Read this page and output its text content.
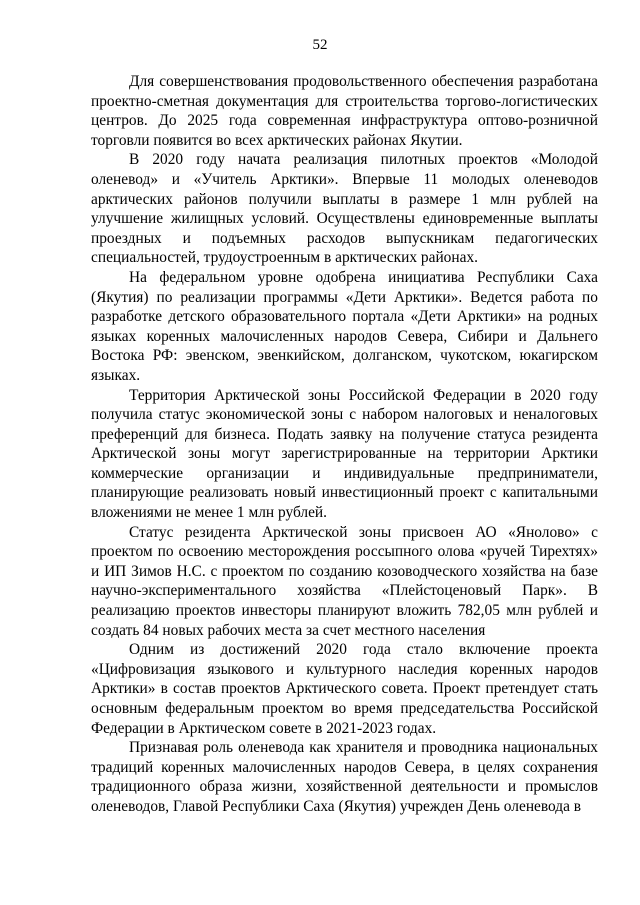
52

Для совершенствования продовольственного обеспечения разработана проектно-сметная документация для строительства торгово-логистических центров. До 2025 года современная инфраструктура оптово-розничной торговли появится во всех арктических районах Якутии.

В 2020 году начата реализация пилотных проектов «Молодой оленевод» и «Учитель Арктики». Впервые 11 молодых оленеводов арктических районов получили выплаты в размере 1 млн рублей на улучшение жилищных условий. Осуществлены единовременные выплаты проездных и подъемных расходов выпускникам педагогических специальностей, трудоустроенным в арктических районах.

На федеральном уровне одобрена инициатива Республики Саха (Якутия) по реализации программы «Дети Арктики». Ведется работа по разработке детского образовательного портала «Дети Арктики» на родных языках коренных малочисленных народов Севера, Сибири и Дальнего Востока РФ: эвенском, эвенкийском, долганском, чукотском, юкагирском языках.

Территория Арктической зоны Российской Федерации в 2020 году получила статус экономической зоны с набором налоговых и неналоговых преференций для бизнеса. Подать заявку на получение статуса резидента Арктической зоны могут зарегистрированные на территории Арктики коммерческие организации и индивидуальные предприниматели, планирующие реализовать новый инвестиционный проект с капитальными вложениями не менее 1 млн рублей.

Статус резидента Арктической зоны присвоен АО «Янолово» с проектом по освоению месторождения россыпного олова «ручей Тирехтях» и ИП Зимов Н.С. с проектом по созданию козоводческого хозяйства на базе научно-экспериментального хозяйства «Плейстоценовый Парк». В реализацию проектов инвесторы планируют вложить 782,05 млн рублей и создать 84 новых рабочих места за счет местного населения

Одним из достижений 2020 года стало включение проекта «Цифровизация языкового и культурного наследия коренных народов Арктики» в состав проектов Арктического совета. Проект претендует стать основным федеральным проектом во время председательства Российской Федерации в Арктическом совете в 2021-2023 годах.

Признавая роль оленевода как хранителя и проводника национальных традиций коренных малочисленных народов Севера, в целях сохранения традиционного образа жизни, хозяйственной деятельности и промыслов оленеводов, Главой Республики Саха (Якутия) учрежден День оленевода в
